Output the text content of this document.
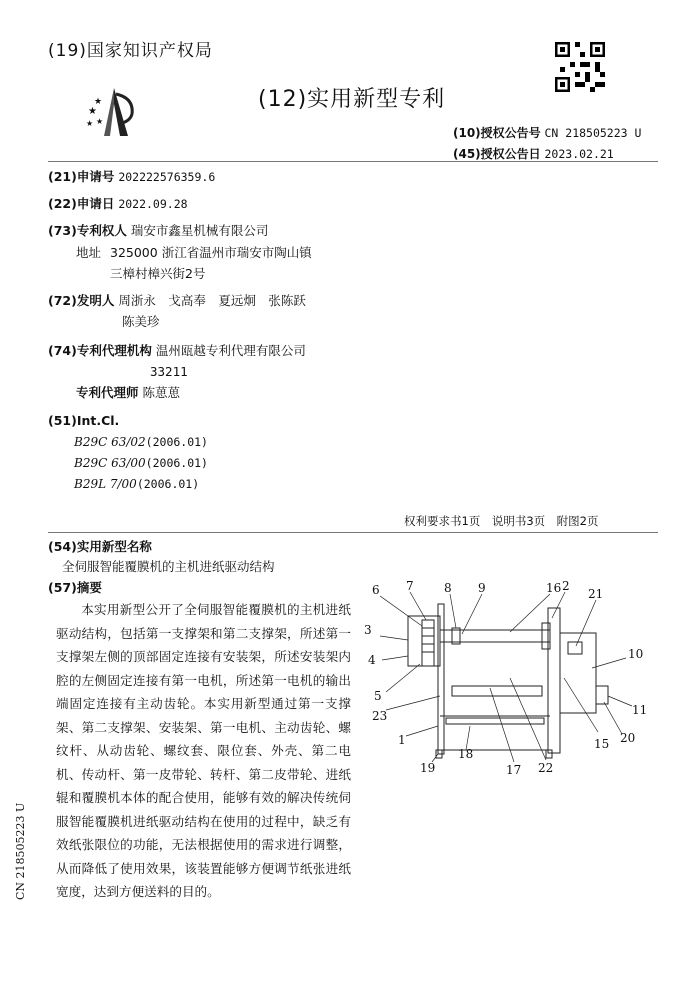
(19)国家知识产权局
★
★
★ ★
(12)实用新型专利
(10)授权公告号 CN 218505223 U
(45)授权公告日 2023.02.21
(21)申请号 202222576359.6
(22)申请日 2022.09.28
(73)专利权人 瑞安市鑫星机械有限公司
地址 325000 浙江省温州市瑞安市陶山镇
三樟村樟兴街2号
(72)发明人 周浙永　戈高奉　夏远炯　张陈跃
陈美珍
(74)专利代理机构 温州瓯越专利代理有限公司
33211
专利代理师 陈葸葸
(51)Int.Cl.
B29C 63/02(2006.01)
B29C 63/00(2006.01)
B29L 7/00(2006.01)
权利要求书1页　说明书3页　附图2页
(54)实用新型名称
全伺服智能覆膜机的主机进纸驱动结构
(57)摘要
本实用新型公开了全伺服智能覆膜机的主机进纸驱动结构，包括第一支撑架和第二支撑架，所述第一支撑架左侧的顶部固定连接有安装架，所述安装架内腔的左侧固定连接有第一电机，所述第一电机的输出端固定连接有主动齿轮。本实用新型通过第一支撑架、第二支撑架、安装架、第一电机、主动齿轮、螺纹杆、从动齿轮、螺纹套、限位套、外壳、第二电机、传动杆、第一皮带轮、转杆、第二皮带轮、进纸辊和覆膜机本体的配合使用，能够有效的解决传统伺服智能覆膜机进纸驱动结构在使用的过程中，缺乏有效纸张限位的功能，无法根据使用的需求进行调整，从而降低了使用效果，该装置能够方便调节纸张进纸宽度，达到方便送料的目的。
CN 218505223 U
6 7	8 9	16 2
21
3
4	10
5
23	11
1	15 20
19
18
17 22
